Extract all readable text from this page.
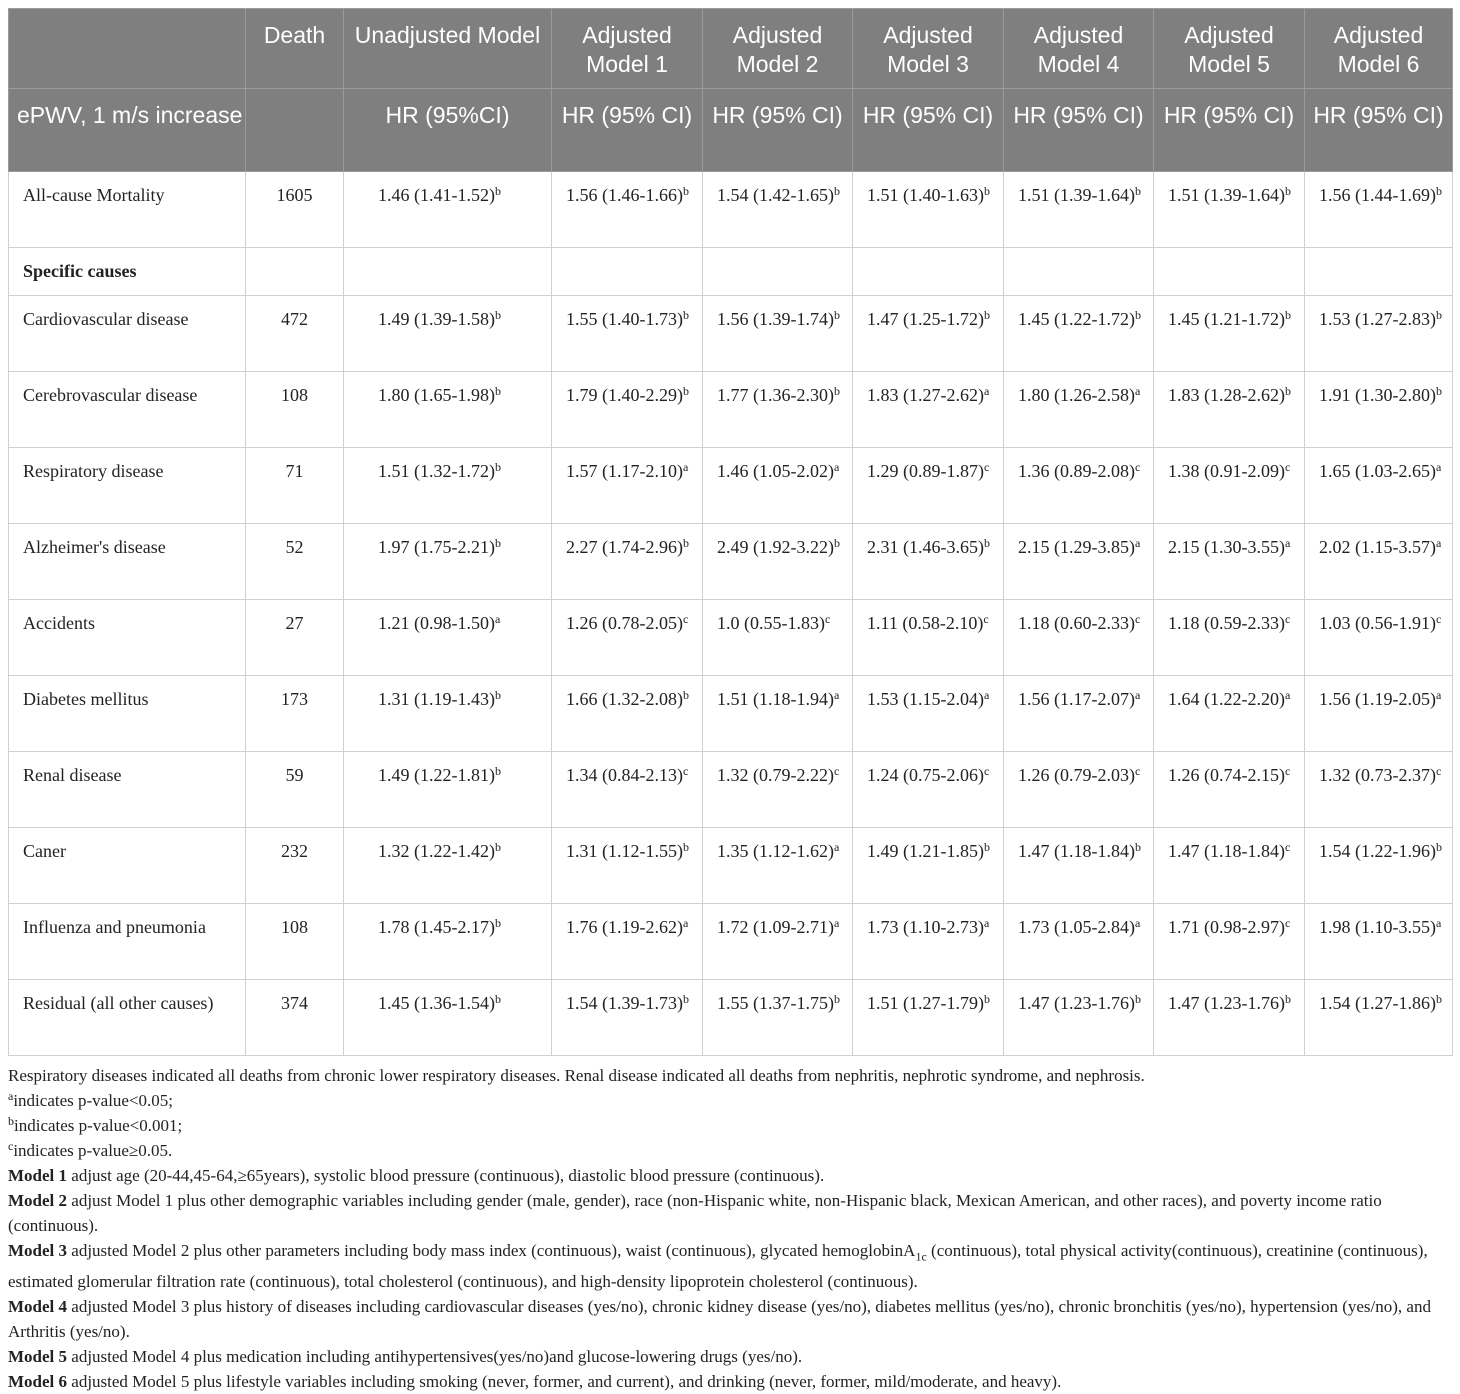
	Death	Unadjusted Model	Adjusted Model 1	Adjusted Model 2	Adjusted Model 3	Adjusted Model 4	Adjusted Model 5	Adjusted Model 6
ePWV, 1 m/s increase		HR (95%CI)	HR (95% CI)	HR (95% CI)	HR (95% CI)	HR (95% CI)	HR (95% CI)	HR (95% CI)
All-cause Mortality	1605	1.46 $(1.41-1.52)^b$	1.56 $(1.46-1.66)^b$	1.54 $(1.42-1.65)^b$	1.51 $(1.40-1.63)^b$	1.51 $(1.39-1.64)^b$	1.51 $(1.39-1.64)^b$	1.56 $(1.44-1.69)^b$
Specific causes								
Cardiovascular disease	472	1.49 $(1.39-1.58)^b$	1.55 $(1.40-1.73)^b$	1.56 $(1.39-1.74)^b$	1.47 $(1.25-1.72)^b$	1.45 $(1.22-1.72)^b$	1.45 $(1.21-1.72)^b$	1.53 $(1.27-2.83)^b$
Cerebrovascular disease	108	1.80 $(1.65-1.98)^b$	1.79 $(1.40-2.29)^b$	1.77 $(1.36-2.30)^b$	1.83 $(1.27-2.62)^a$	1.80 $(1.26-2.58)^a$	1.83 $(1.28-2.62)^b$	1.91 $(1.30-2.80)^b$
Respiratory disease	71	1.51 $(1.32-1.72)^b$	1.57 $(1.17-2.10)^a$	1.46 $(1.05-2.02)^a$	1.29 $(0.89-1.87)^c$	1.36 $(0.89-2.08)^c$	1.38 $(0.91-2.09)^c$	1.65 $(1.03-2.65)^a$
Alzheimer's disease	52	1.97 $(1.75-2.21)^b$	2.27 $(1.74-2.96)^b$	2.49 $(1.92-3.22)^b$	2.31 $(1.46-3.65)^b$	2.15 $(1.29-3.85)^a$	2.15 $(1.30-3.55)^a$	2.02 $(1.15-3.57)^a$
Accidents	27	1.21 $(0.98-1.50)^a$	1.26 $(0.78-2.05)^c$	1.0 $(0.55-1.83)^c$	1.11 $(0.58-2.10)^c$	1.18 $(0.60-2.33)^c$	1.18 $(0.59-2.33)^c$	1.03 $(0.56-1.91)^c$
Diabetes mellitus	173	1.31 $(1.19-1.43)^b$	1.66 $(1.32-2.08)^b$	1.51 $(1.18-1.94)^a$	1.53 $(1.15-2.04)^a$	1.56 $(1.17-2.07)^a$	1.64 $(1.22-2.20)^a$	1.56 $(1.19-2.05)^a$
Renal disease	59	1.49 $(1.22-1.81)^b$	1.34 $(0.84-2.13)^c$	1.32 $(0.79-2.22)^c$	1.24 $(0.75-2.06)^c$	1.26 $(0.79-2.03)^c$	1.26 $(0.74-2.15)^c$	1.32 $(0.73-2.37)^c$
Caner	232	1.32 $(1.22-1.42)^b$	1.31 $(1.12-1.55)^b$	1.35 $(1.12-1.62)^a$	1.49 $(1.21-1.85)^b$	1.47 $(1.18-1.84)^b$	1.47 $(1.18-1.84)^c$	1.54 $(1.22-1.96)^b$
Influenza and pneumonia	108	1.78 $(1.45-2.17)^b$	1.76 $(1.19-2.62)^a$	1.72 $(1.09-2.71)^a$	1.73 $(1.10-2.73)^a$	1.73 $(1.05-2.84)^a$	1.71 $(0.98-2.97)^c$	1.98 $(1.10-3.55)^a$
Residual (all other causes)	374	1.45 $(1.36-1.54)^b$	1.54 $(1.39-1.73)^b$	1.55 $(1.37-1.75)^b$	1.51 $(1.27-1.79)^b$	1.47 $(1.23-1.76)^b$	1.47 $(1.23-1.76)^b$	1.54 $(1.27-1.86)^b$

Respiratory diseases indicated all deaths from chronic lower respiratory diseases. Renal disease indicated all deaths from nephritis, nephrotic syndrome, and nephrosis.

$^a$indicates p-value<0.05;

$^b$indicates p-value<0.001;

$^c$indicates p-value≥0.05.

Model 1 adjust age (20-44,45-64,≥65years), systolic blood pressure (continuous), diastolic blood pressure (continuous).

Model 2 adjust Model 1 plus other demographic variables including gender (male, gender), race (non-Hispanic white, non-Hispanic black, Mexican American, and other races), and poverty income ratio (continuous).

Model 3 adjusted Model 2 plus other parameters including body mass index (continuous), waist (continuous), glycated hemoglobinA$_{1c}$ (continuous), total physical activity(continuous), creatinine (continuous), estimated glomerular filtration rate (continuous), total cholesterol (continuous), and high-density lipoprotein cholesterol (continuous).

Model 4 adjusted Model 3 plus history of diseases including cardiovascular diseases (yes/no), chronic kidney disease (yes/no), diabetes mellitus (yes/no), chronic bronchitis (yes/no), hypertension (yes/no), and Arthritis (yes/no).

Model 5 adjusted Model 4 plus medication including antihypertensives(yes/no)and glucose-lowering drugs (yes/no).

Model 6 adjusted Model 5 plus lifestyle variables including smoking (never, former, and current), and drinking (never, former, mild/moderate, and heavy).
